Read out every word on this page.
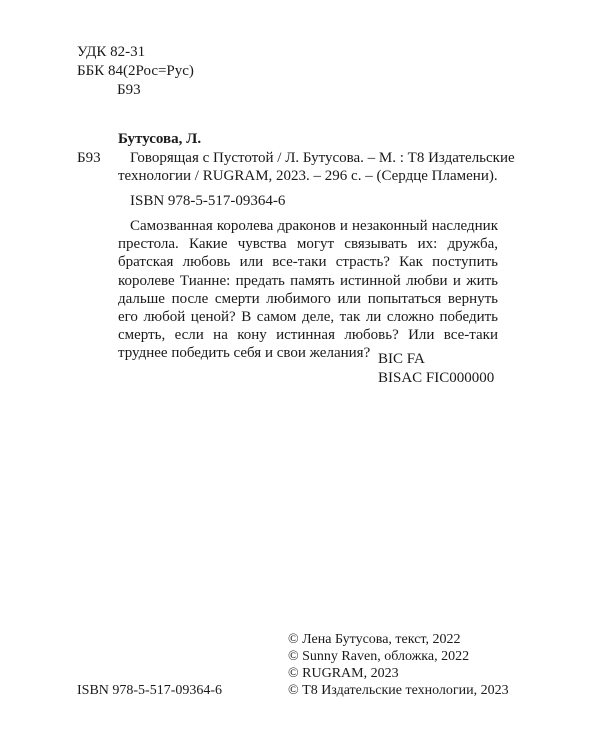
УДК 82-31
ББК 84(2Рос=Рус)
Б93
Бутусова, Л.
Б93 Говорящая с Пустотой / Л. Бутусова. – М. : Т8 Издательские
технологии / RUGRAM, 2023. – 296 с. – (Сердце Пламени).
ISBN 978-5-517-09364-6
Самозванная королева драконов и незаконный наследник престола. Какие чувства могут связывать их: дружба, братская любовь или все-таки страсть? Как поступить королеве Тианне: предать память истинной любви и жить дальше после смерти любимого или попытаться вернуть его любой ценой? В самом деле, так ли сложно победить смерть, если на кону истинная любовь? Или все-таки труднее победить себя и свои желания? BIC FA
BISAC FIC000000
© Лена Бутусова, текст, 2022
© Sunny Raven, обложка, 2022
© RUGRAM, 2023
© Т8 Издательские технологии, 2023
ISBN 978-5-517-09364-6
